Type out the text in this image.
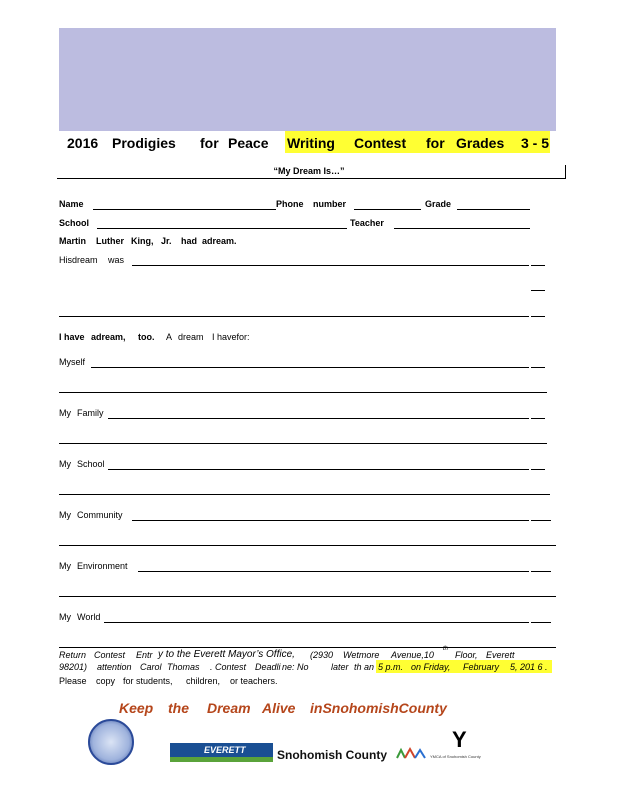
2016 Prodigies for Peace Writing Contest for Grades 3 - 5
“My Dream Is…”
Name	Phone number	Grade
School	Teacher
Martin Luther King, Jr. had adream.
Hisdream was
I have adream, too. A dream I havefor:
Myself
My Family
My School
My Community
My Environment
My World
Return Contest Entr y to the Everett Mayor’s Office, (2930 Wetmore Avenue,10
th
Floor, Everett
98201) attention Carol Thomas . Contest Deadli ne: No later th an 5 p.m. on Friday, February 5, 201 6 .
Please copy for students, children, or teachers.
Keep the Dream Alive inSnohomishCounty
EVERETT	Snohomish County
Y
YMCA of Snohomish County
